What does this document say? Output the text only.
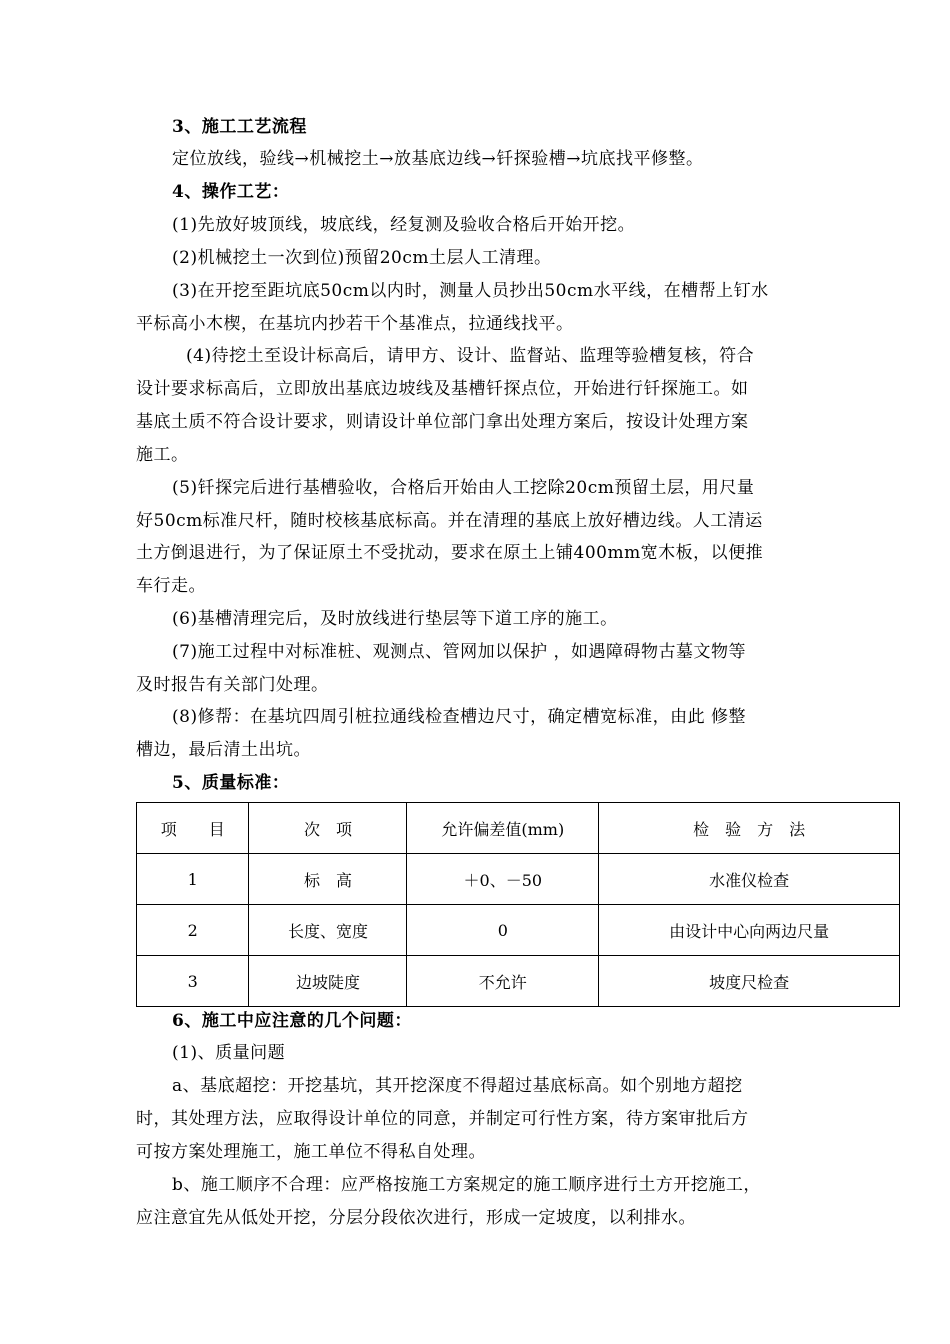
3、施工工艺流程
定位放线，验线→机械挖土→放基底边线→钎探验槽→坑底找平修整。
4、操作工艺：
(1)先放好坡顶线，坡底线，经复测及验收合格后开始开挖。
(2)机械挖土一次到位)预留20cm土层人工清理。
(3)在开挖至距坑底50cm以内时，测量人员抄出50cm水平线，在槽帮上钉水
平标高小木楔，在基坑内抄若干个基准点，拉通线找平。
(4)待挖土至设计标高后，请甲方、设计、监督站、监理等验槽复核，符合
设计要求标高后，立即放出基底边坡线及基槽钎探点位，开始进行钎探施工。如
基底土质不符合设计要求，则请设计单位部门拿出处理方案后，按设计处理方案
施工。
(5)钎探完后进行基槽验收，合格后开始由人工挖除20cm预留土层，用尺量
好50cm标准尺杆，随时校核基底标高。并在清理的基底上放好槽边线。人工清运
土方倒退进行，为了保证原土不受扰动，要求在原土上铺400mm宽木板，以便推
车行走。
(6)基槽清理完后，及时放线进行垫层等下道工序的施工。
(7)施工过程中对标准桩、观测点、管网加以保护 ，如遇障碍物古墓文物等
及时报告有关部门处理。
(8)修帮：在基坑四周引桩拉通线检查槽边尺寸，确定槽宽标准，由此 修整
槽边，最后清土出坑。
5、质量标准：
项　　目	次　项	允许偏差值(mm)	检　验　方　法
1	标　高	＋0、－50	水准仪检查
2	长度、宽度	0	由设计中心向两边尺量
3	边坡陡度	不允许	坡度尺检查
6、施工中应注意的几个问题：
(1)、质量问题
a、基底超挖：开挖基坑，其开挖深度不得超过基底标高。如个别地方超挖
时，其处理方法，应取得设计单位的同意，并制定可行性方案，待方案审批后方
可按方案处理施工，施工单位不得私自处理。
b、施工顺序不合理：应严格按施工方案规定的施工顺序进行土方开挖施工，
应注意宜先从低处开挖，分层分段依次进行，形成一定坡度，以利排水。
